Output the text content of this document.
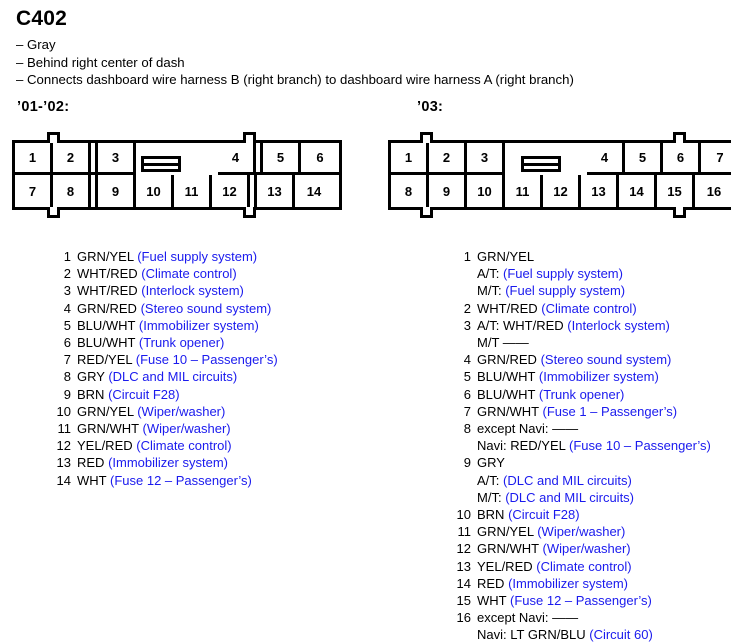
C402
– Gray
– Behind right center of dash
– Connects dashboard wire harness B (right branch) to dashboard wire harness A (right branch)
’01-’02:	’03:
1	2	3	4	5	6
7	8	9	10	11	12	13	14
1	2	3	4	5	6	7
8	9	10	11	12	13	14	15	16
1 GRN/YEL (Fuel supply system)
2 WHT/RED (Climate control)
3 WHT/RED (Interlock system)
4 GRN/RED (Stereo sound system)
5 BLU/WHT (Immobilizer system)
6 BLU/WHT (Trunk opener)
7 RED/YEL (Fuse 10 – Passenger’s)
8 GRY (DLC and MIL circuits)
9 BRN (Circuit F28)
10 GRN/YEL (Wiper/washer)
11 GRN/WHT (Wiper/washer)
12 YEL/RED (Climate control)
13 RED (Immobilizer system)
14 WHT (Fuse 12 – Passenger’s)
1 GRN/YEL
A/T: (Fuel supply system)
M/T: (Fuel supply system)
2 WHT/RED (Climate control)
3 A/T: WHT/RED (Interlock system)
M/T ——
4 GRN/RED (Stereo sound system)
5 BLU/WHT (Immobilizer system)
6 BLU/WHT (Trunk opener)
7 GRN/WHT (Fuse 1 – Passenger’s)
8 except Navi: ——
Navi: RED/YEL (Fuse 10 – Passenger’s)
9 GRY
A/T: (DLC and MIL circuits)
M/T: (DLC and MIL circuits)
10 BRN (Circuit F28)
11 GRN/YEL (Wiper/washer)
12 GRN/WHT (Wiper/washer)
13 YEL/RED (Climate control)
14 RED (Immobilizer system)
15 WHT (Fuse 12 – Passenger’s)
16 except Navi: ——
Navi: LT GRN/BLU (Circuit 60)
